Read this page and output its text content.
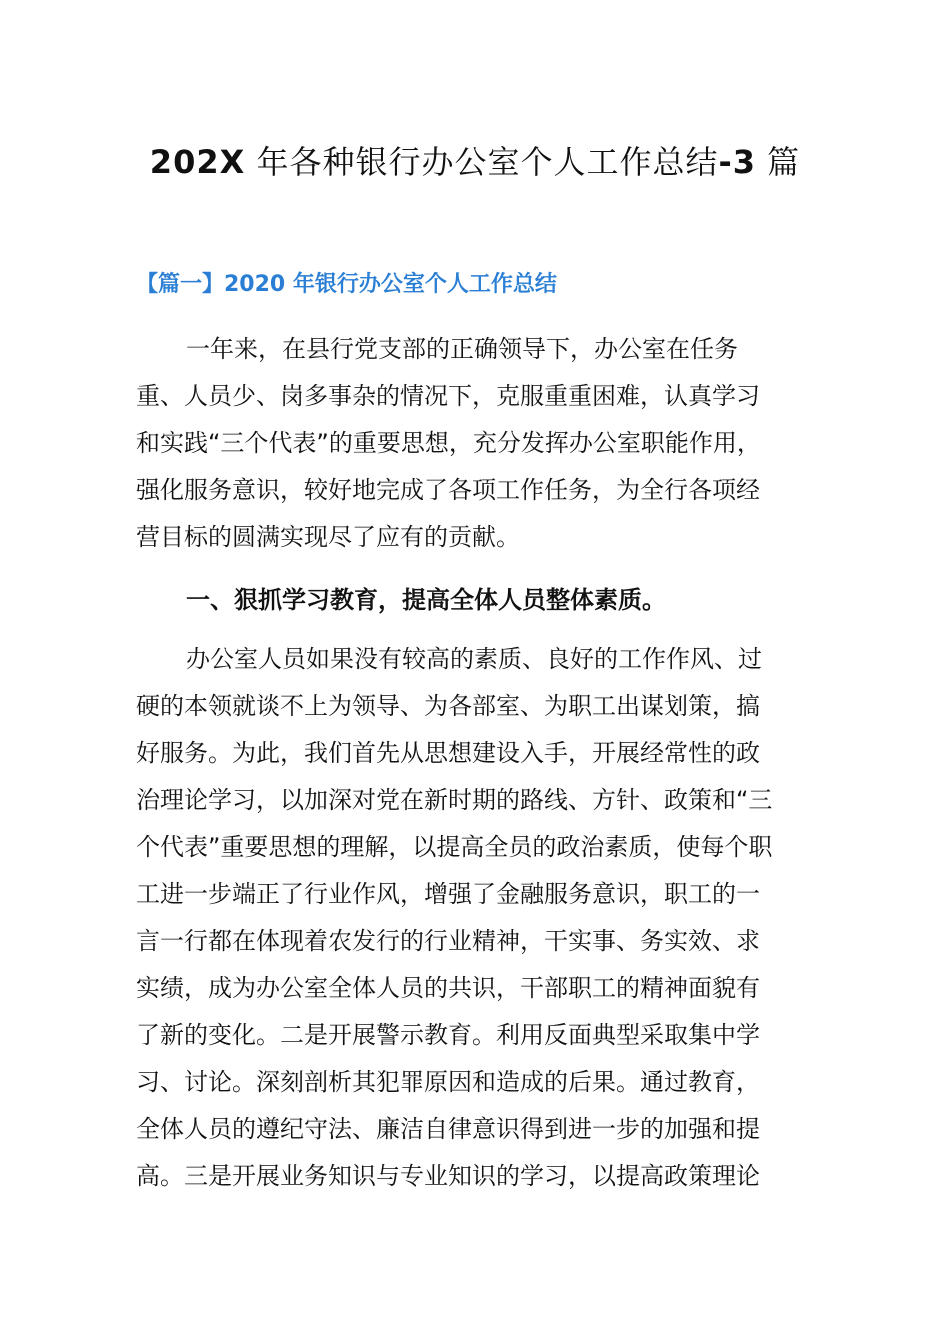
202X 年各种银行办公室个人工作总结-3 篇
【篇一】2020 年银行办公室个人工作总结
一年来，在县行党支部的正确领导下，办公室在任务
重、人员少、岗多事杂的情况下，克服重重困难，认真学习
和实践“三个代表”的重要思想，充分发挥办公室职能作用，
强化服务意识，较好地完成了各项工作任务，为全行各项经
营目标的圆满实现尽了应有的贡献。
一、狠抓学习教育，提高全体人员整体素质。
办公室人员如果没有较高的素质、良好的工作作风、过
硬的本领就谈不上为领导、为各部室、为职工出谋划策，搞
好服务。为此，我们首先从思想建设入手，开展经常性的政
治理论学习，以加深对党在新时期的路线、方针、政策和“三
个代表”重要思想的理解，以提高全员的政治素质，使每个职
工进一步端正了行业作风，增强了金融服务意识，职工的一
言一行都在体现着农发行的行业精神，干实事、务实效、求
实绩，成为办公室全体人员的共识，干部职工的精神面貌有
了新的变化。二是开展警示教育。利用反面典型采取集中学
习、讨论。深刻剖析其犯罪原因和造成的后果。通过教育，
全体人员的遵纪守法、廉洁自律意识得到进一步的加强和提
高。三是开展业务知识与专业知识的学习，以提高政策理论
